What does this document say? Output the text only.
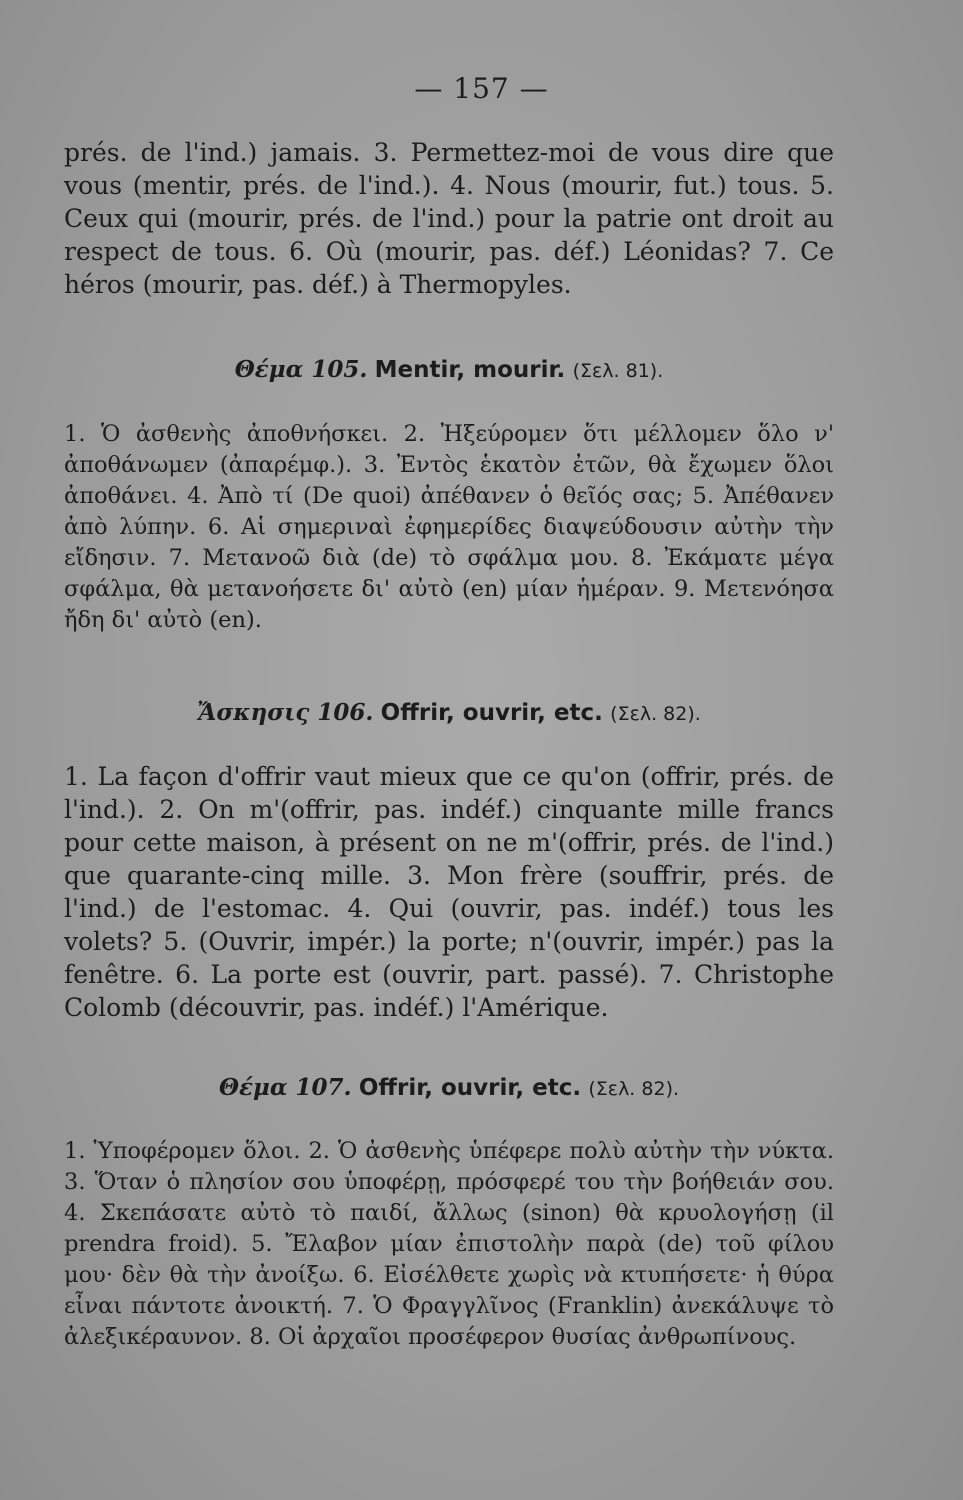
— 157 —

prés. de l'ind.) jamais. 3. Permettez-moi de vous dire que vous (mentir, prés. de l'ind.). 4. Nous (mourir, fut.) tous. 5. Ceux qui (mourir, prés. de l'ind.) pour la patrie ont droit au respect de tous. 6. Où (mourir, pas. déf.) Léonidas? 7. Ce héros (mourir, pas. déf.) à Thermopyles.

Θέμα 105. Mentir, mourir. (Σελ. 81).

1. Ὁ ἀσθενὴς ἀποθνήσκει. 2. Ἠξεύρομεν ὅτι μέλλομεν ὅλο ν' ἀποθάνωμεν (ἀπαρέμφ.). 3. Ἐντὸς ἑκατὸν ἐτῶν, θὰ ἔχωμεν ὅλοι ἀποθάνει. 4. Ἀπὸ τί (De quoi) ἀπέθανεν ὁ θεῖός σας; 5. Ἀπέθανεν ἀπὸ λύπην. 6. Αἱ σημεριναὶ ἐφημερίδες διαψεύδουσιν αὐτὴν τὴν εἴδησιν. 7. Μετανοῶ διὰ (de) τὸ σφάλμα μου. 8. Ἐκάματε μέγα σφάλμα, θὰ μετανοήσετε δι' αὐτὸ (en) μίαν ἡμέραν. 9. Μετενόησα ἤδη δι' αὐτὸ (en).

Ἄσκησις 106. Offrir, ouvrir, etc. (Σελ. 82).

1. La façon d'offrir vaut mieux que ce qu'on (offrir, prés. de l'ind.). 2. On m'(offrir, pas. indéf.) cinquante mille francs pour cette maison, à présent on ne m'(offrir, prés. de l'ind.) que quarante-cinq mille. 3. Mon frère (souffrir, prés. de l'ind.) de l'estomac. 4. Qui (ouvrir, pas. indéf.) tous les volets? 5. (Ouvrir, impér.) la porte; n'(ouvrir, impér.) pas la fenêtre. 6. La porte est (ouvrir, part. passé). 7. Christophe Colomb (découvrir, pas. indéf.) l'Amérique.

Θέμα 107. Offrir, ouvrir, etc. (Σελ. 82).

1. Ὑποφέρομεν ὅλοι. 2. Ὁ ἀσθενὴς ὑπέφερε πολὺ αὐτὴν τὴν νύκτα. 3. Ὅταν ὁ πλησίον σου ὑποφέρῃ, πρόσφερέ του τὴν βοήθειάν σου. 4. Σκεπάσατε αὐτὸ τὸ παιδί, ἄλλως (sinon) θὰ κρυολογήσῃ (il prendra froid). 5. Ἔλαβον μίαν ἐπιστολὴν παρὰ (de) τοῦ φίλου μου· δὲν θὰ τὴν ἀνοίξω. 6. Εἰσέλθετε χωρὶς νὰ κτυπήσετε· ἡ θύρα εἶναι πάντοτε ἀνοικτή. 7. Ὁ Φραγγλῖνος (Franklin) ἀνεκάλυψε τὸ ἀλεξικέραυνον. 8. Οἱ ἀρχαῖοι προσέφερον θυσίας ἀνθρωπίνους.
